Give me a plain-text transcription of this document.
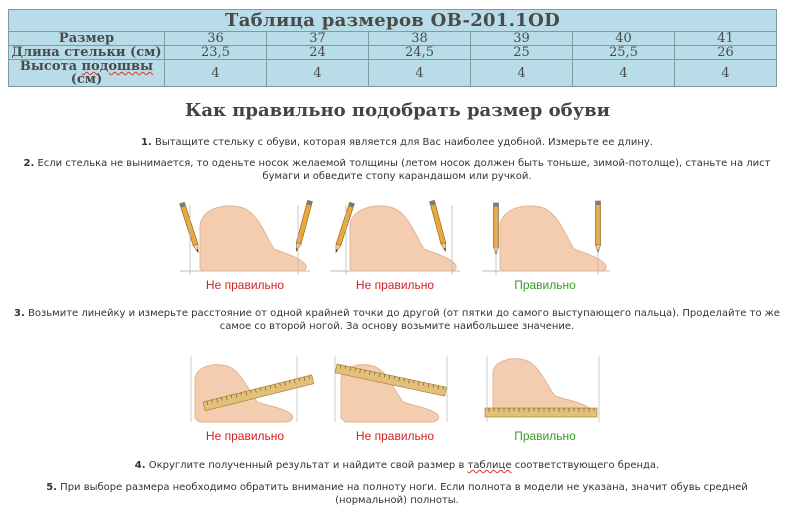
Таблица размеров OB-201.1OD						
Размер	36	37	38	39	40	41
Длина стельки (см)	23,5	24	24,5	25	25,5	26
Высота подошвы (см)	4	4	4	4	4	4
Как правильно подобрать размер обуви
1. Вытащите стельку с обуви, которая является для Вас наиболее удобной. Измерьте ее длину.
2. Если стелька не вынимается, то оденьте носок желаемой толщины (летом носок должен быть тоньше, зимой-потолще), станьте на лист бумаги и обведите стопу карандашом или ручкой.
Не правильно	Не правильно	Правильно
3. Возьмите линейку и измерьте расстояние от одной крайней точки до другой (от пятки до самого выступающего пальца). Проделайте то же самое со второй ногой. За основу возьмите наибольшее значение.
Не правильно	Не правильно	Правильно
4. Округлите полученный результат и найдите свой размер в таблице соответствующего бренда.
5. При выборе размера необходимо обратить внимание на полноту ноги. Если полнота в модели не указана, значит обувь средней (нормальной) полноты.
